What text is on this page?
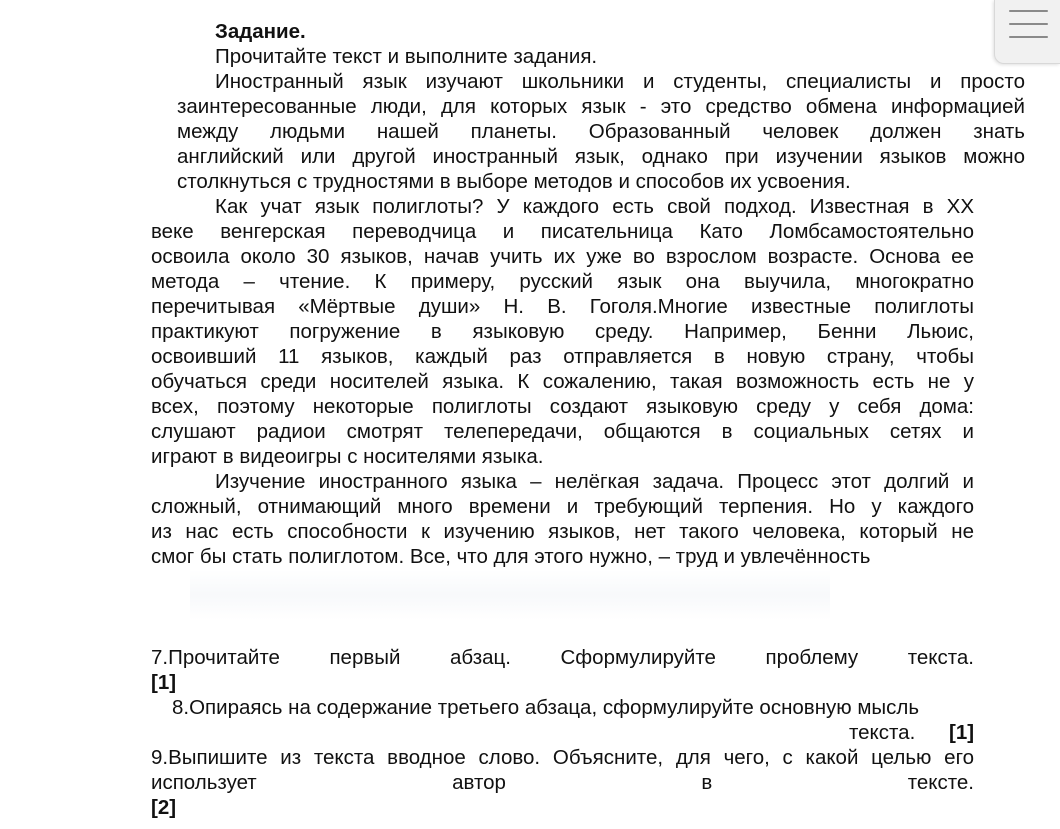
Задание.
Прочитайте текст и выполните задания.
Иностранный язык изучают школьники и студенты, специалисты и просто
заинтересованные люди, для которых язык - это средство обмена информацией
между людьми нашей планеты. Образованный человек должен знать
английский или другой иностранный язык, однако при изучении языков можно
столкнуться с трудностями в выборе методов и способов их усвоения.
Как учат язык полиглоты? У каждого есть свой подход. Известная в XX
веке венгерская переводчица и писательница Като Ломбсамостоятельно
освоила около 30 языков, начав учить их уже во взрослом возрасте. Основа ее
метода – чтение. К примеру, русский язык она выучила, многократно
перечитывая «Мёртвые души» Н. В. Гоголя.Многие известные полиглоты
практикуют погружение в языковую среду. Например, Бенни Льюис,
освоивший 11 языков, каждый раз отправляется в новую страну, чтобы
обучаться среди носителей языка. К сожалению, такая возможность есть не у
всех, поэтому некоторые полиглоты создают языковую среду у себя дома:
слушают радиои смотрят телепередачи, общаются в социальных сетях и
играют в видеоигры с носителями языка.
Изучение иностранного языка – нелёгкая задача. Процесс этот долгий и
сложный, отнимающий много времени и требующий терпения. Но у каждого
из нас есть способности к изучению языков, нет такого человека, который не
смог бы стать полиглотом. Все, что для этого нужно, – труд и увлечённость
7.Прочитайте первый абзац. Сформулируйте проблему текста.
[1]
8.Опираясь на содержание третьего абзаца, сформулируйте основную мысль
текста. [1]
9.Выпишите из текста вводное слово. Объясните, для чего, с какой целью его
использует автор в тексте.
[2]
